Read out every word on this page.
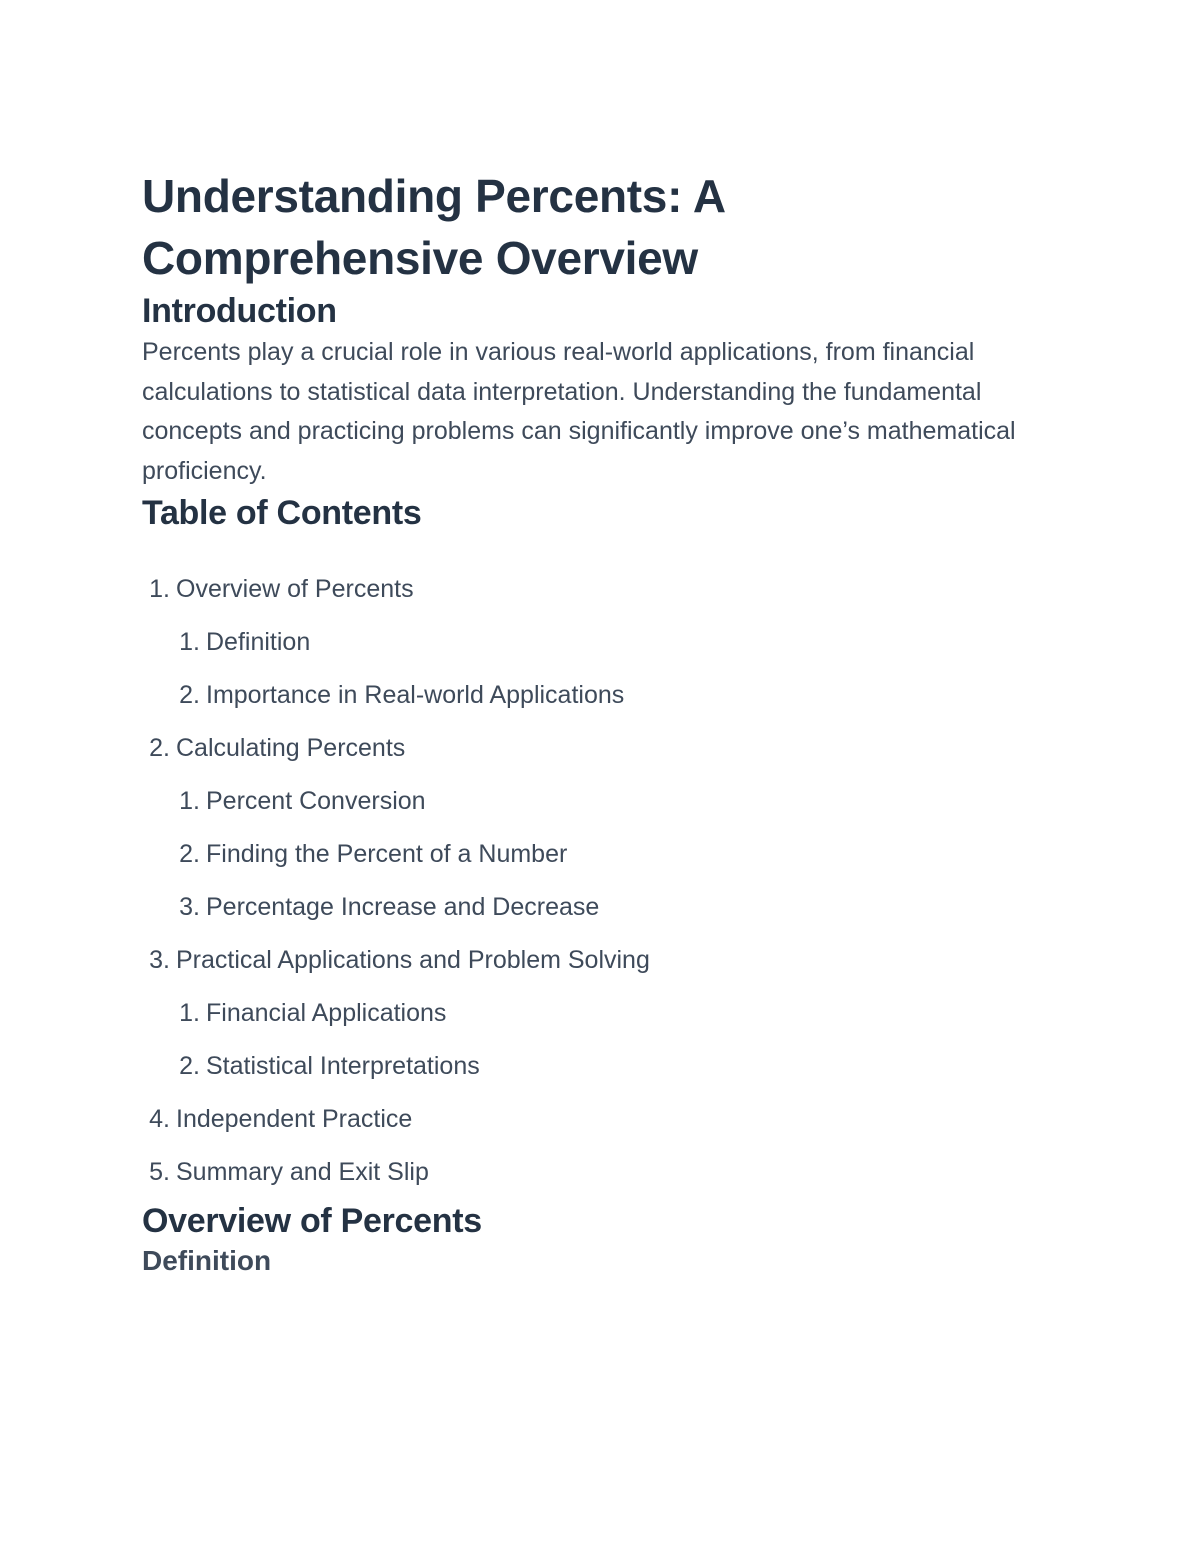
Understanding Percents: A Comprehensive Overview
Introduction

Percents play a crucial role in various real-world applications, from financial calculations to statistical data interpretation. Understanding the fundamental concepts and practicing problems can significantly improve one’s mathematical proficiency.

Table of Contents
1. Overview of Percents
1. Definition
2. Importance in Real-world Applications
2. Calculating Percents
1. Percent Conversion
2. Finding the Percent of a Number
3. Percentage Increase and Decrease
3. Practical Applications and Problem Solving
1. Financial Applications
2. Statistical Interpretations
4. Independent Practice
5. Summary and Exit Slip
Overview of Percents
Definition
